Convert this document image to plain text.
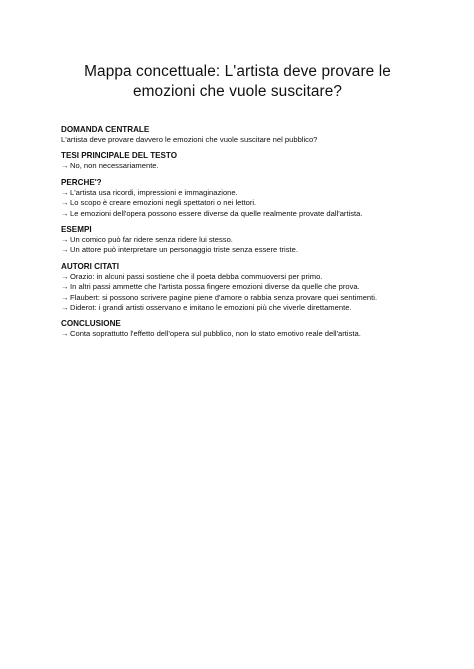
Mappa concettuale: L'artista deve provare le
emozioni che vuole suscitare?

DOMANDA CENTRALE

L'artista deve provare davvero le emozioni che vuole suscitare nel pubblico?

TESI PRINCIPALE DEL TESTO

→No, non necessariamente.

PERCHE'?

→L'artista usa ricordi, impressioni e immaginazione.

→Lo scopo è creare emozioni negli spettatori o nei lettori.

→Le emozioni dell'opera possono essere diverse da quelle realmente provate dall'artista.

ESEMPI

→Un comico può far ridere senza ridere lui stesso.

→Un attore può interpretare un personaggio triste senza essere triste.

AUTORI CITATI

→Orazio: in alcuni passi sostiene che il poeta debba commuoversi per primo.

→In altri passi ammette che l'artista possa fingere emozioni diverse da quelle che prova.

→Flaubert: si possono scrivere pagine piene d'amore o rabbia senza provare quei sentimenti.

→Diderot: i grandi artisti osservano e imitano le emozioni più che viverle direttamente.

CONCLUSIONE

→Conta soprattutto l'effetto dell'opera sul pubblico, non lo stato emotivo reale dell'artista.
